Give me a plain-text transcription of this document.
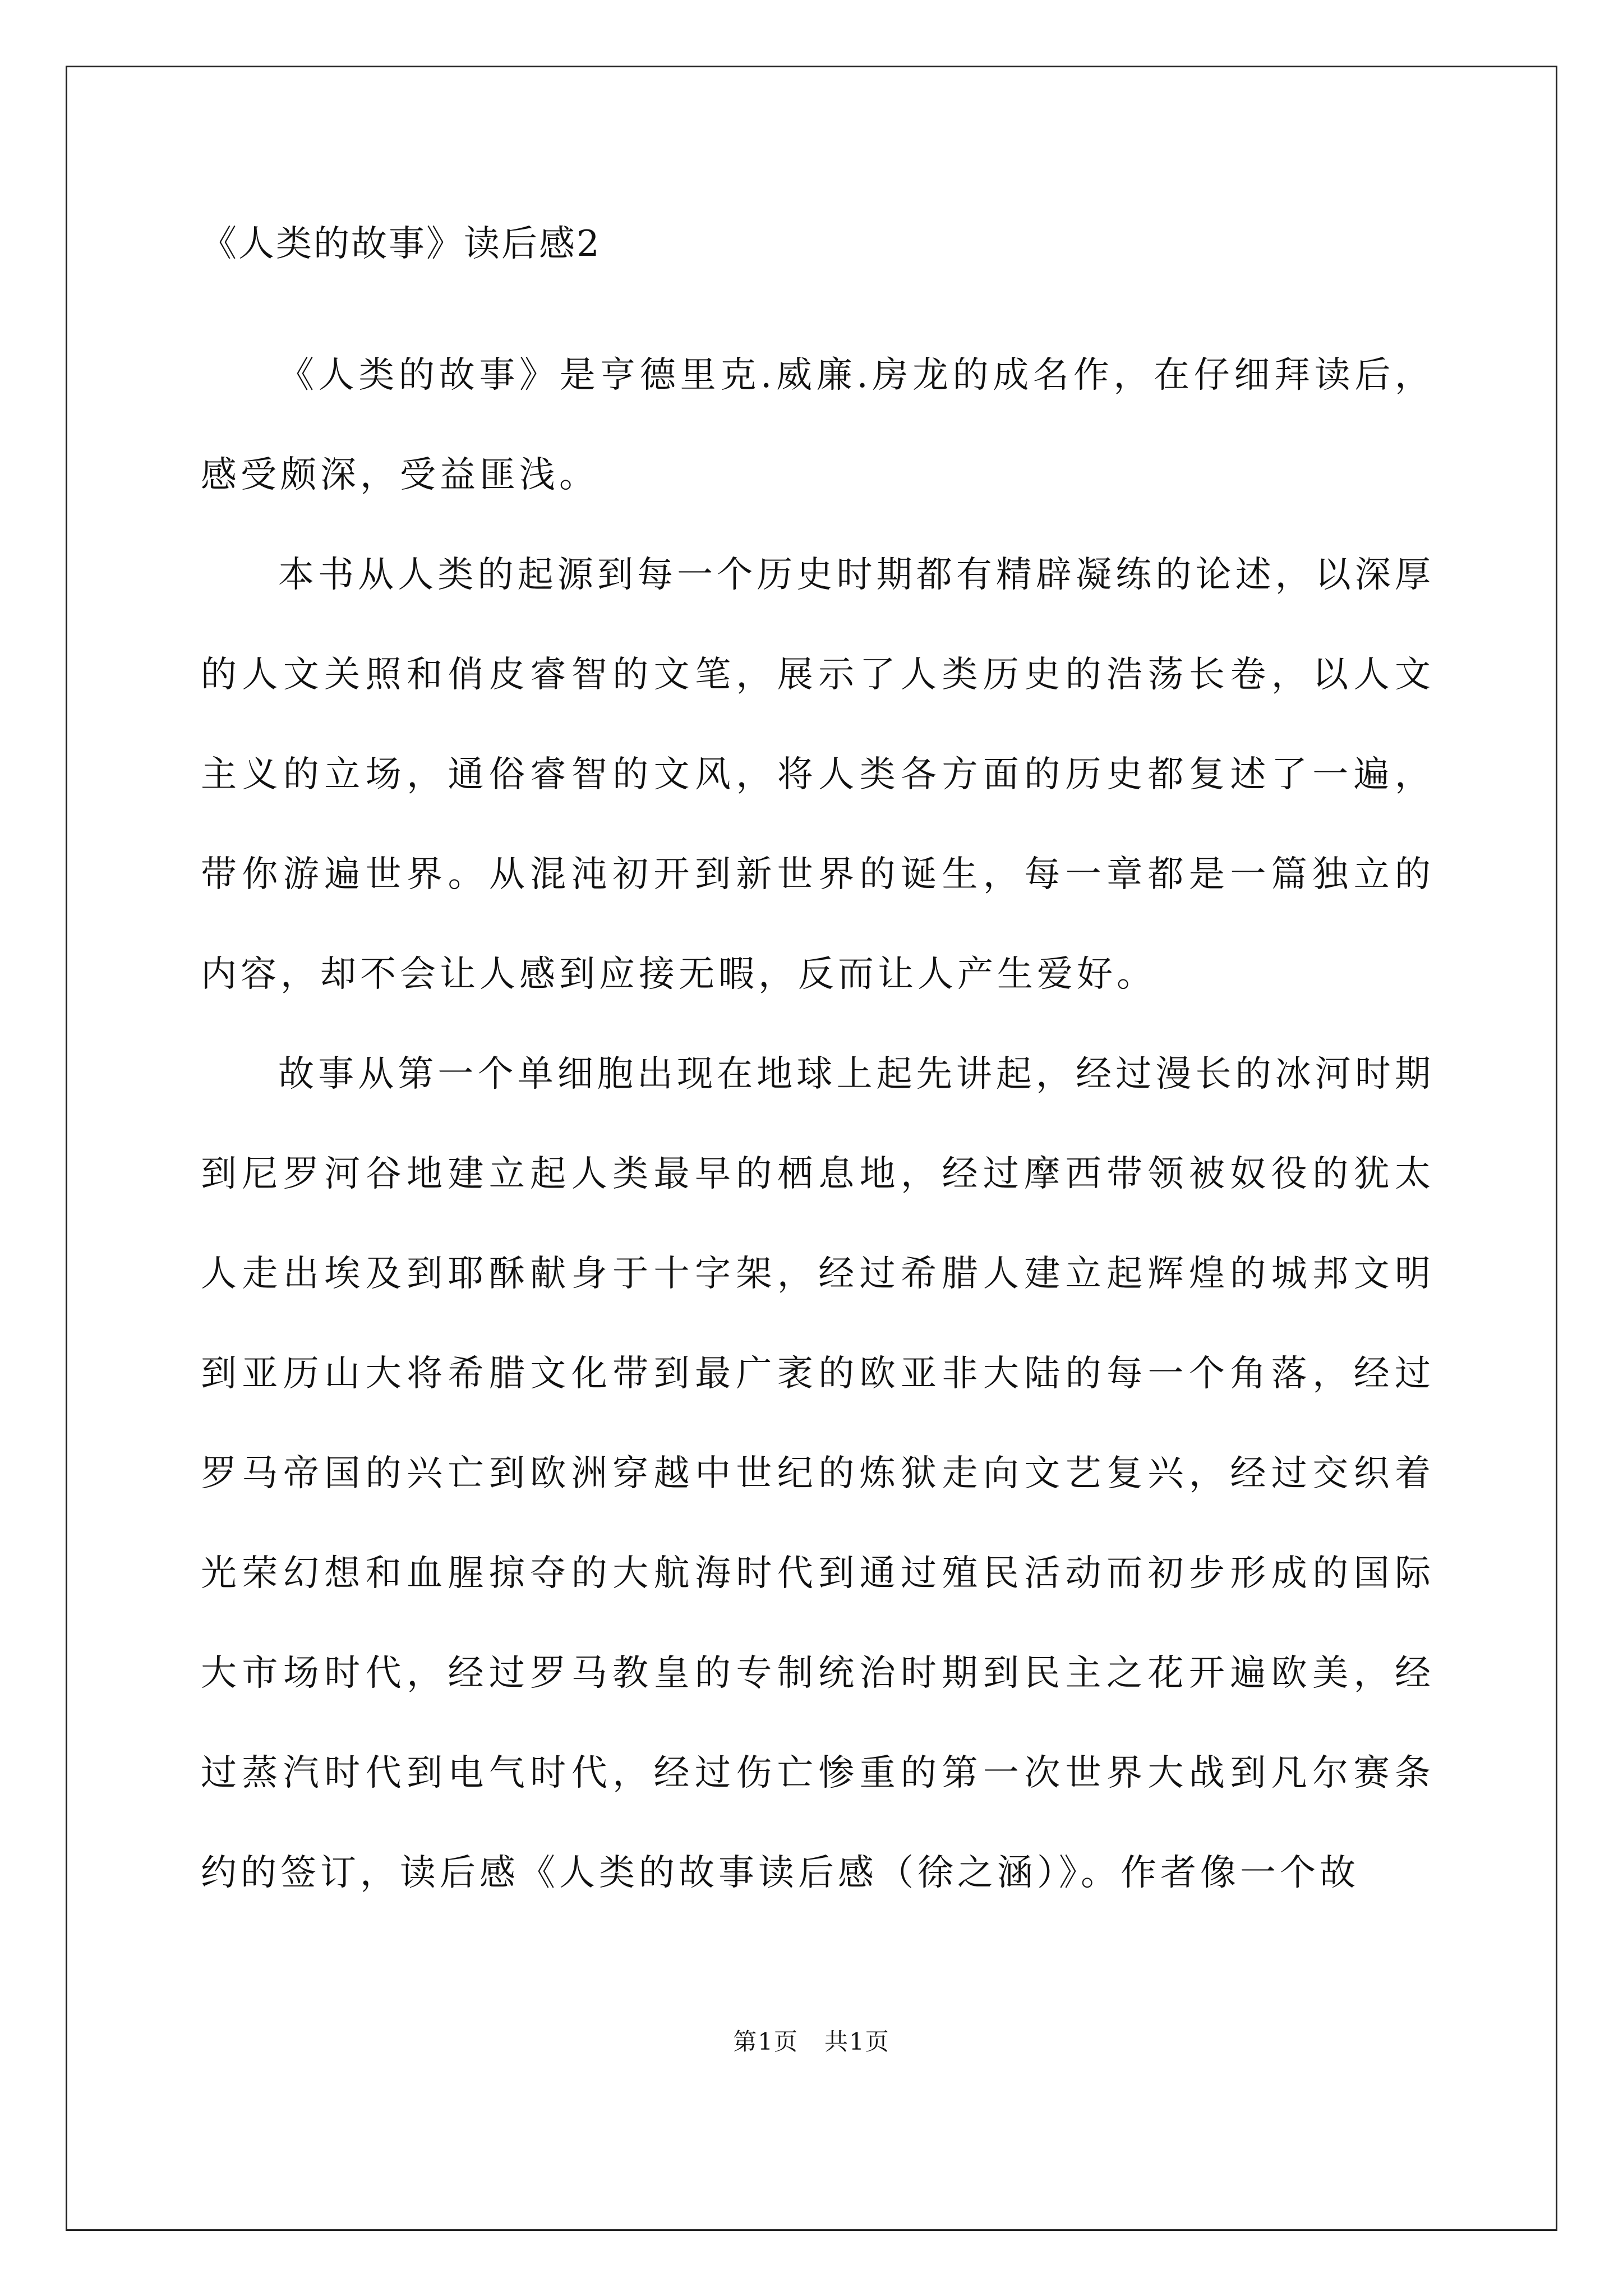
《人类的故事》读后感2

《人类的故事》是亨德里克.威廉.房龙的成名作，在仔细拜读后，感受颇深，受益匪浅。

本书从人类的起源到每一个历史时期都有精辟凝练的论述，以深厚的人文关照和俏皮睿智的文笔，展示了人类历史的浩荡长卷，以人文主义的立场，通俗睿智的文风，将人类各方面的历史都复述了一遍，带你游遍世界。从混沌初开到新世界的诞生，每一章都是一篇独立的内容，却不会让人感到应接无暇，反而让人产生爱好。

故事从第一个单细胞出现在地球上起先讲起，经过漫长的冰河时期到尼罗河谷地建立起人类最早的栖息地，经过摩西带领被奴役的犹太人走出埃及到耶酥献身于十字架，经过希腊人建立起辉煌的城邦文明到亚历山大将希腊文化带到最广袤的欧亚非大陆的每一个角落，经过罗马帝国的兴亡到欧洲穿越中世纪的炼狱走向文艺复兴，经过交织着光荣幻想和血腥掠夺的大航海时代到通过殖民活动而初步形成的国际大市场时代，经过罗马教皇的专制统治时期到民主之花开遍欧美，经过蒸汽时代到电气时代，经过伤亡惨重的第一次世界大战到凡尔赛条约的签订，读后感《人类的故事读后感（徐之涵）》。作者像一个故

第1页 共1页
